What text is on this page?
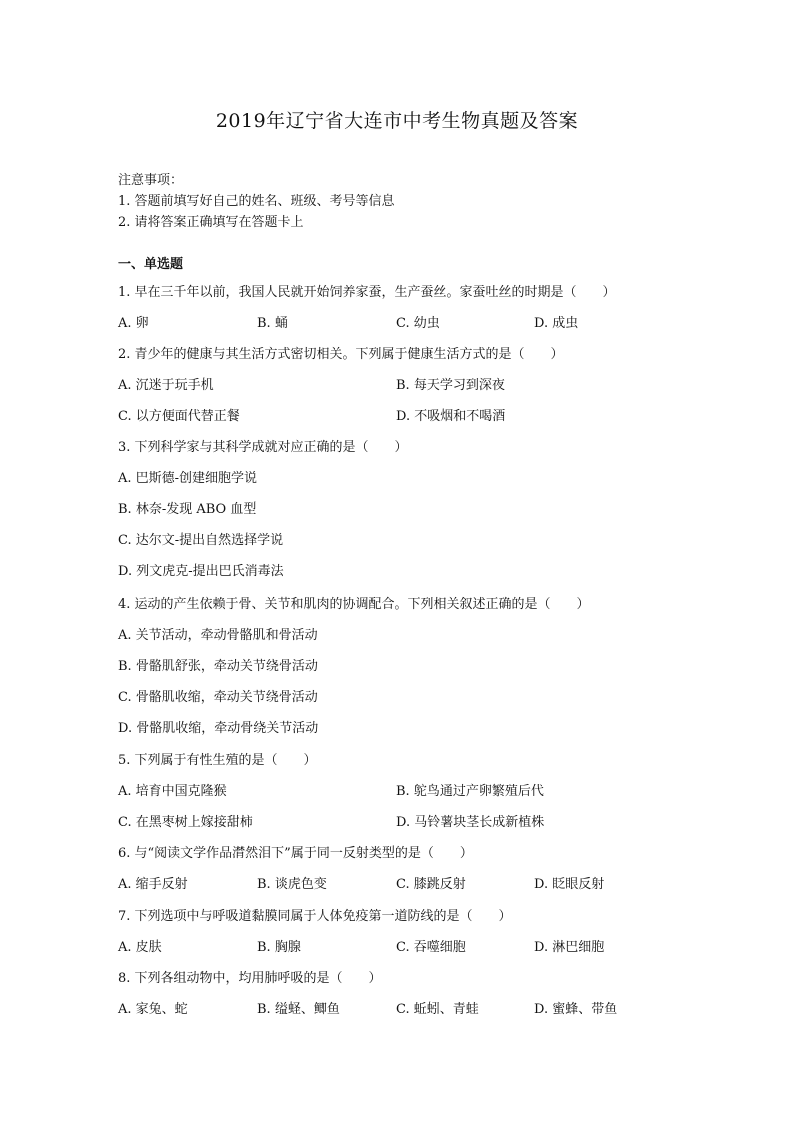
2019年辽宁省大连市中考生物真题及答案
注意事项：
1. 答题前填写好自己的姓名、班级、考号等信息
2. 请将答案正确填写在答题卡上
一、单选题
1. 早在三千年以前，我国人民就开始饲养家蚕，生产蚕丝。家蚕吐丝的时期是（　　）
A. 卵	B. 蛹	C. 幼虫	D. 成虫
2. 青少年的健康与其生活方式密切相关。下列属于健康生活方式的是（　　）
A. 沉迷于玩手机	B. 每天学习到深夜
C. 以方便面代替正餐	D. 不吸烟和不喝酒
3. 下列科学家与其科学成就对应正确的是（　　）
A. 巴斯德-创建细胞学说
B. 林奈-发现 ABO 血型
C. 达尔文-提出自然选择学说
D. 列文虎克-提出巴氏消毒法
4. 运动的产生依赖于骨、关节和肌肉的协调配合。下列相关叙述正确的是（　　）
A. 关节活动，牵动骨骼肌和骨活动
B. 骨骼肌舒张，牵动关节绕骨活动
C. 骨骼肌收缩，牵动关节绕骨活动
D. 骨骼肌收缩，牵动骨绕关节活动
5. 下列属于有性生殖的是（　　）
A. 培育中国克隆猴	B. 鸵鸟通过产卵繁殖后代
C. 在黑枣树上嫁接甜柿	D. 马铃薯块茎长成新植株
6. 与“阅读文学作品潸然泪下”属于同一反射类型的是（　　）
A. 缩手反射	B. 谈虎色变	C. 膝跳反射	D. 眨眼反射
7. 下列选项中与呼吸道黏膜同属于人体免疫第一道防线的是（　　）
A. 皮肤	B. 胸腺	C. 吞噬细胞	D. 淋巴细胞
8. 下列各组动物中，均用肺呼吸的是（　　）
A. 家兔、蛇	B. 缢蛏、鲫鱼	C. 蚯蚓、青蛙	D. 蜜蜂、带鱼
